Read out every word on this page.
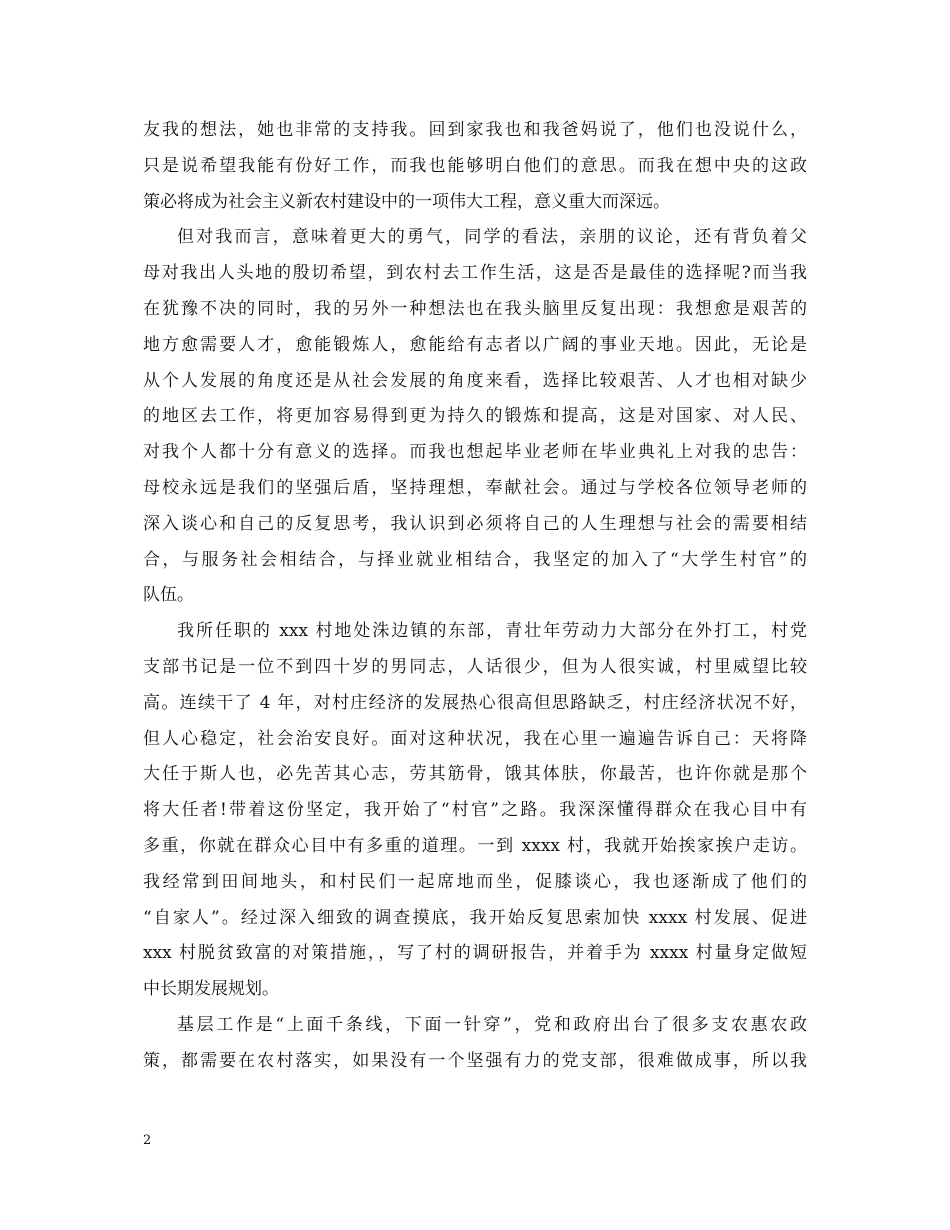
友我的想法，她也非常的支持我。回到家我也和我爸妈说了，他们也没说什么，
只是说希望我能有份好工作，而我也能够明白他们的意思。而我在想中央的这政
策必将成为社会主义新农村建设中的一项伟大工程，意义重大而深远。
但对我而言，意味着更大的勇气，同学的看法，亲朋的议论，还有背负着父
母对我出人头地的殷切希望，到农村去工作生活，这是否是最佳的选择呢?而当我
在犹豫不决的同时，我的另外一种想法也在我头脑里反复出现：我想愈是艰苦的
地方愈需要人才，愈能锻炼人，愈能给有志者以广阔的事业天地。因此，无论是
从个人发展的角度还是从社会发展的角度来看，选择比较艰苦、人才也相对缺少
的地区去工作，将更加容易得到更为持久的锻炼和提高，这是对国家、对人民、
对我个人都十分有意义的选择。而我也想起毕业老师在毕业典礼上对我的忠告：
母校永远是我们的坚强后盾，坚持理想，奉献社会。通过与学校各位领导老师的
深入谈心和自己的反复思考，我认识到必须将自己的人生理想与社会的需要相结
合，与服务社会相结合，与择业就业相结合，我坚定的加入了“大学生村官”的
队伍。
我所任职的 xxx 村地处洙边镇的东部，青壮年劳动力大部分在外打工，村党
支部书记是一位不到四十岁的男同志，人话很少，但为人很实诚，村里威望比较
高。连续干了 4 年，对村庄经济的发展热心很高但思路缺乏，村庄经济状况不好，
但人心稳定，社会治安良好。面对这种状况，我在心里一遍遍告诉自己：天将降
大任于斯人也，必先苦其心志，劳其筋骨，饿其体肤，你最苦，也许你就是那个
将大任者!带着这份坚定，我开始了“村官”之路。我深深懂得群众在我心目中有
多重，你就在群众心目中有多重的道理。一到 xxxx 村，我就开始挨家挨户走访。
我经常到田间地头，和村民们一起席地而坐，促膝谈心，我也逐渐成了他们的
“自家人”。经过深入细致的调查摸底，我开始反复思索加快 xxxx 村发展、促进
xxx 村脱贫致富的对策措施，，写了村的调研报告，并着手为 xxxx 村量身定做短
中长期发展规划。
基层工作是“上面千条线，下面一针穿”，党和政府出台了很多支农惠农政
策，都需要在农村落实，如果没有一个坚强有力的党支部，很难做成事，所以我
2
